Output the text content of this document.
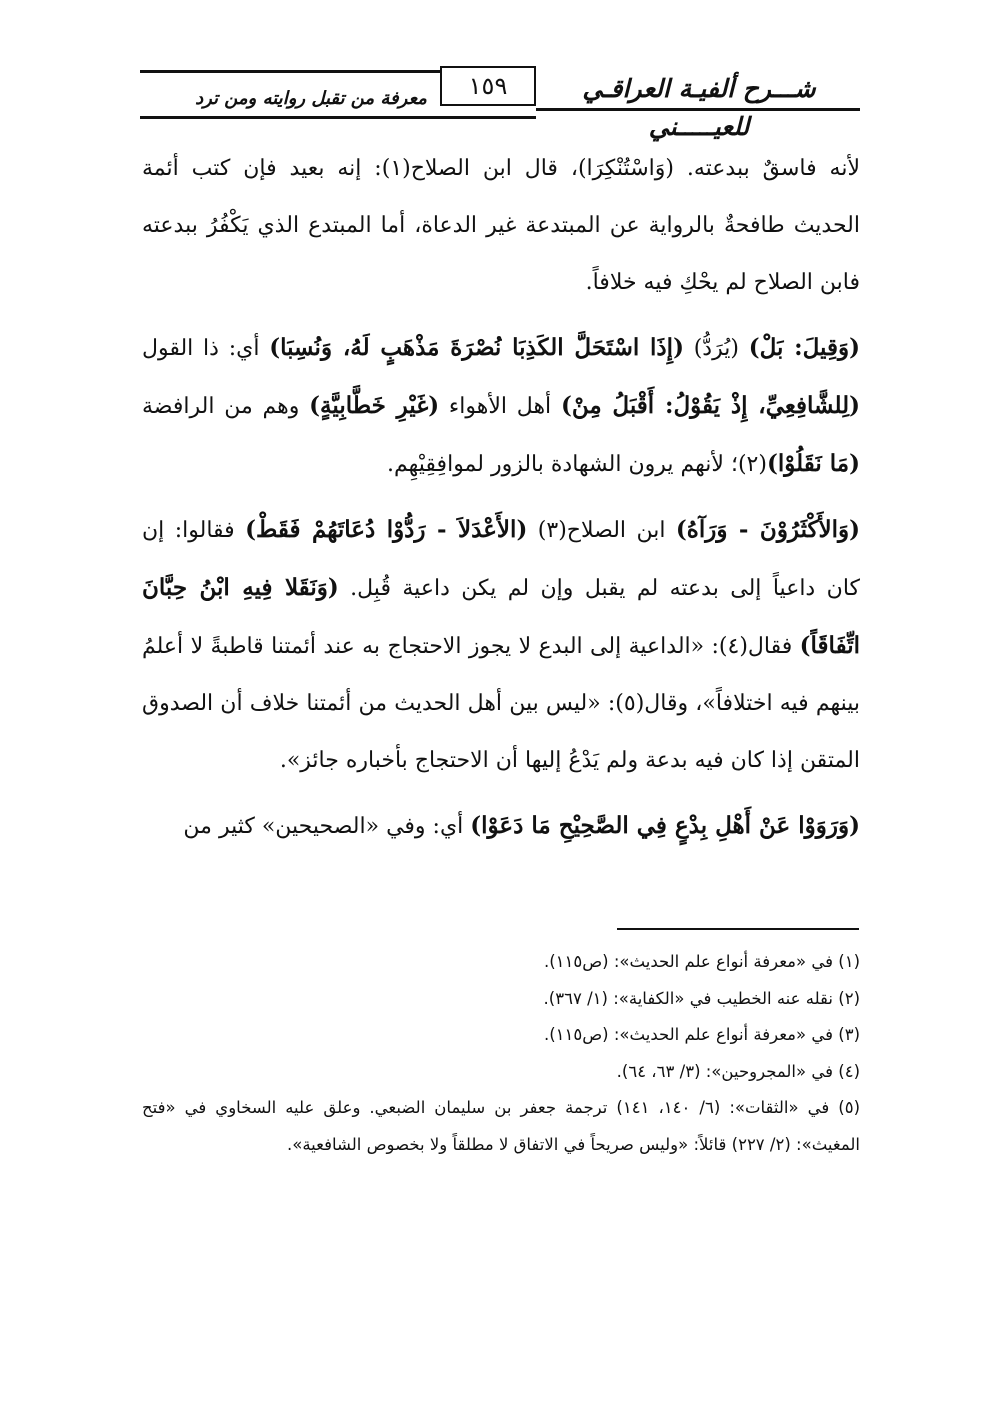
شـــرح ألفيـة العراقـي للعيـــــني
١٥٩
معرفة من تقبل روايته ومن ترد

لأنه فاسقٌ ببدعته. (وَاسْتُنْكِرَا)، قال ابن الصلاح(١): إنه بعيد فإن كتب أئمة الحديث طافحةٌ بالرواية عن المبتدعة غير الدعاة، أما المبتدع الذي يَكْفُرُ ببدعته فابن الصلاح لم يحْكِ فيه خلافاً.

(وَقِيلَ: بَلْ) (يُرَدُّ) (إِذَا اسْتَحَلَّ الكَذِبَا نُصْرَةَ مَذْهَبٍ لَهُ، وَنُسِبَا) أي: ذا القول (لِلشَّافِعِيِّ، إِذْ يَقُوْلُ: أَقْبَلُ مِنْ) أهل الأهواء (غَيْرِ خَطَّابِيَّةٍ) وهم من الرافضة (مَا نَقَلُوْا)(٢)؛ لأنهم يرون الشهادة بالزور لموافِقِيْهِم.

(وَالأَكْثَرُوْنَ - وَرَآهُ) ابن الصلاح(٣) (الأَعْدَلاَ - رَدُّوْا دُعَاتَهُمْ فَقَطْ) فقالوا: إن كان داعياً إلى بدعته لم يقبل وإن لم يكن داعية قُبِل. (وَنَقَلا فِيهِ ابْنُ حِبَّانَ اتِّفَاقَاً) فقال(٤): «الداعية إلى البدع لا يجوز الاحتجاج به عند أئمتنا قاطبةً لا أعلمُ بينهم فيه اختلافاً»، وقال(٥): «ليس بين أهل الحديث من أئمتنا خلاف أن الصدوق المتقن إذا كان فيه بدعة ولم يَدْعُ إليها أن الاحتجاج بأخباره جائز».

(وَرَوَوْا عَنْ أَهْلِ بِدْعٍ فِي الصَّحِيْحِ مَا دَعَوْا) أي: وفي «الصحيحين» كثير من

(١) في «معرفة أنواع علم الحديث»: (ص١١٥).

(٢) نقله عنه الخطيب في «الكفاية»: (١/ ٣٦٧).

(٣) في «معرفة أنواع علم الحديث»: (ص١١٥).

(٤) في «المجروحين»: (٣/ ٦٣، ٦٤).

(٥) في «الثقات»: (٦/ ١٤٠، ١٤١) ترجمة جعفر بن سليمان الضبعي. وعلق عليه السخاوي في «فتح المغيث»: (٢/ ٢٢٧) قائلاً: «وليس صريحاً في الاتفاق لا مطلقاً ولا بخصوص الشافعية».
